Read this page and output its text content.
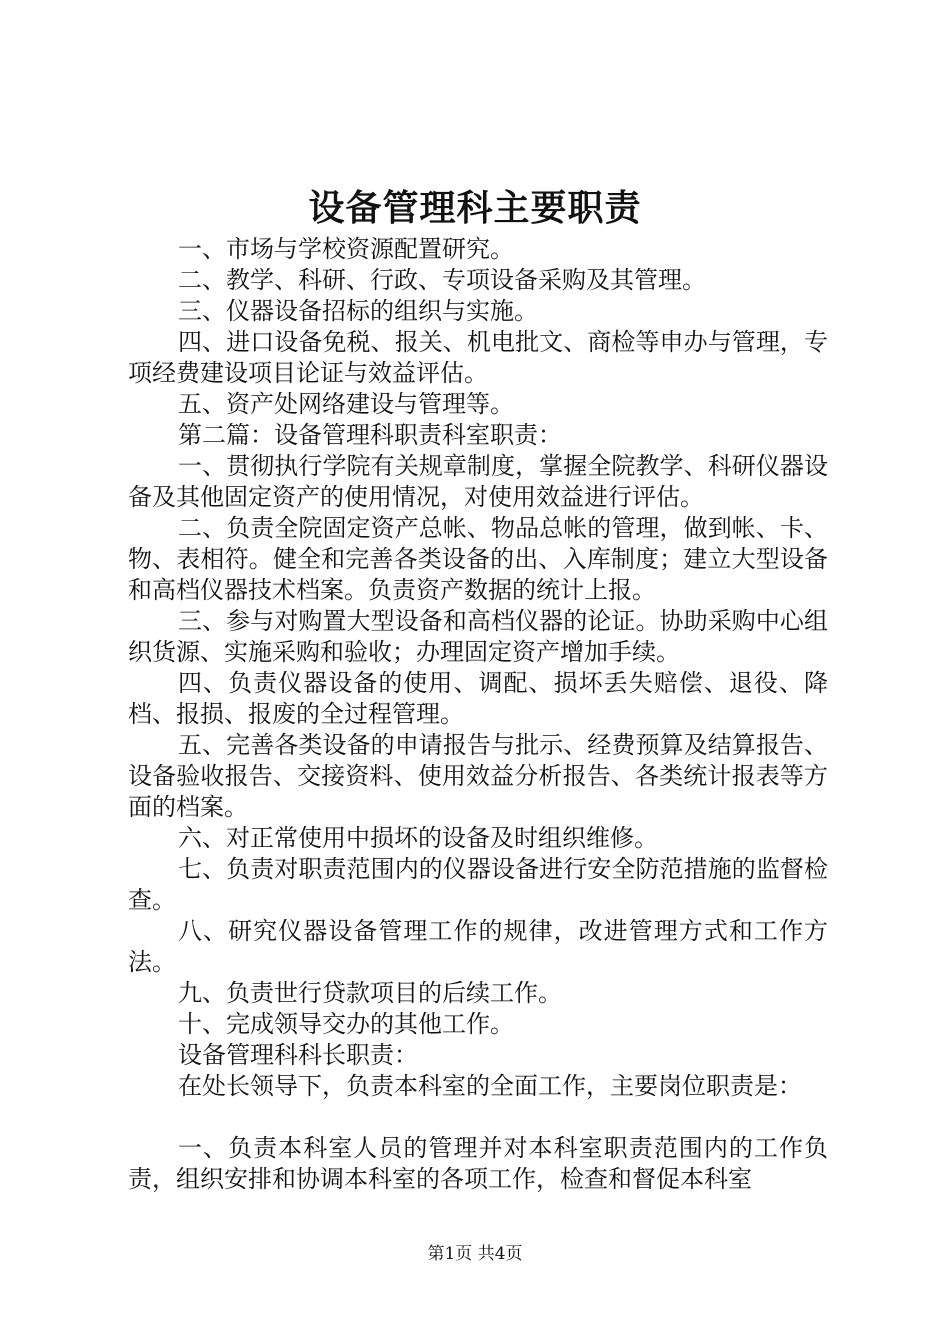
设备管理科主要职责

一、市场与学校资源配置研究。

二、教学、科研、行政、专项设备采购及其管理。

三、仪器设备招标的组织与实施。

四、进口设备免税、报关、机电批文、商检等申办与管理，专项经费建设项目论证与效益评估。

五、资产处网络建设与管理等。

第二篇：设备管理科职责科室职责：

一、贯彻执行学院有关规章制度，掌握全院教学、科研仪器设备及其他固定资产的使用情况，对使用效益进行评估。

二、负责全院固定资产总帐、物品总帐的管理，做到帐、卡、物、表相符。健全和完善各类设备的出、入库制度；建立大型设备和高档仪器技术档案。负责资产数据的统计上报。

三、参与对购置大型设备和高档仪器的论证。协助采购中心组织货源、实施采购和验收；办理固定资产增加手续。

四、负责仪器设备的使用、调配、损坏丢失赔偿、退役、降档、报损、报废的全过程管理。

五、完善各类设备的申请报告与批示、经费预算及结算报告、设备验收报告、交接资料、使用效益分析报告、各类统计报表等方面的档案。

六、对正常使用中损坏的设备及时组织维修。

七、负责对职责范围内的仪器设备进行安全防范措施的监督检查。

八、研究仪器设备管理工作的规律，改进管理方式和工作方法。

九、负责世行贷款项目的后续工作。

十、完成领导交办的其他工作。

设备管理科科长职责：

在处长领导下，负责本科室的全面工作，主要岗位职责是：

一、负责本科室人员的管理并对本科室职责范围内的工作负责，组织安排和协调本科室的各项工作，检查和督促本科室

第1页 共4页
